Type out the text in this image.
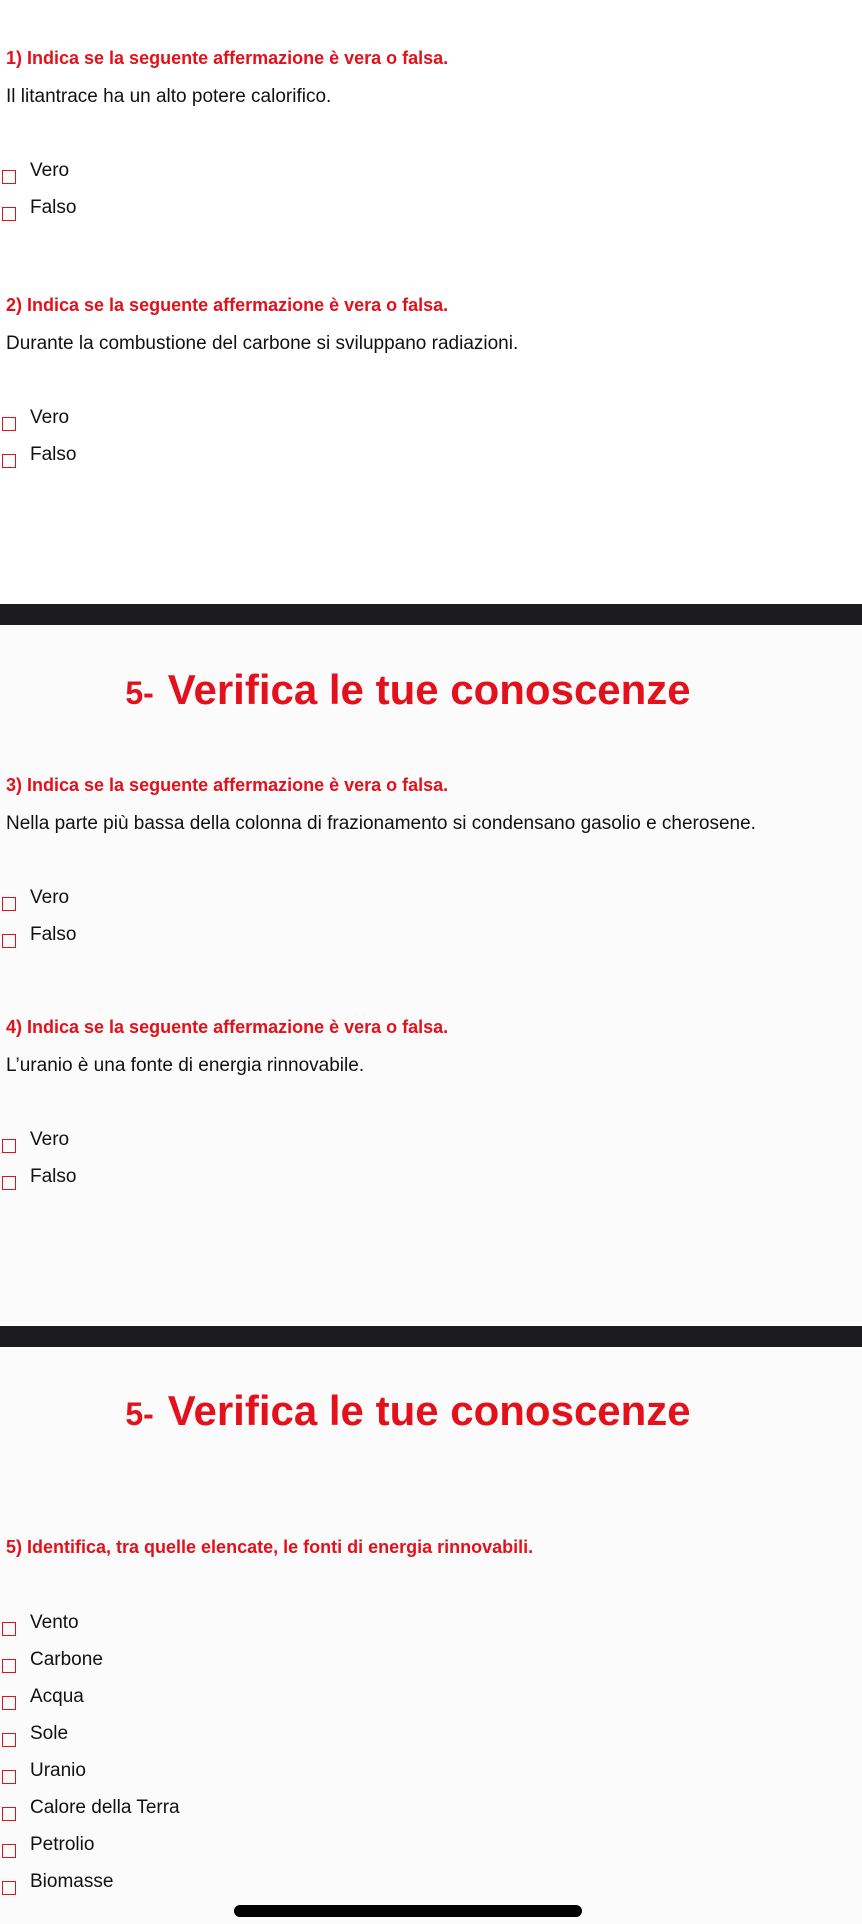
1) Indica se la seguente affermazione è vera o falsa.
Il litantrace ha un alto potere calorifico.
Vero
Falso
2) Indica se la seguente affermazione è vera o falsa.
Durante la combustione del carbone si sviluppano radiazioni.
Vero
Falso
5- Verifica le tue conoscenze
3) Indica se la seguente affermazione è vera o falsa.
Nella parte più bassa della colonna di frazionamento si condensano gasolio e cherosene.
Vero
Falso
4) Indica se la seguente affermazione è vera o falsa.
L’uranio è una fonte di energia rinnovabile.
Vero
Falso
5- Verifica le tue conoscenze
5) Identifica, tra quelle elencate, le fonti di energia rinnovabili.
Vento
Carbone
Acqua
Sole
Uranio
Calore della Terra
Petrolio
Biomasse
